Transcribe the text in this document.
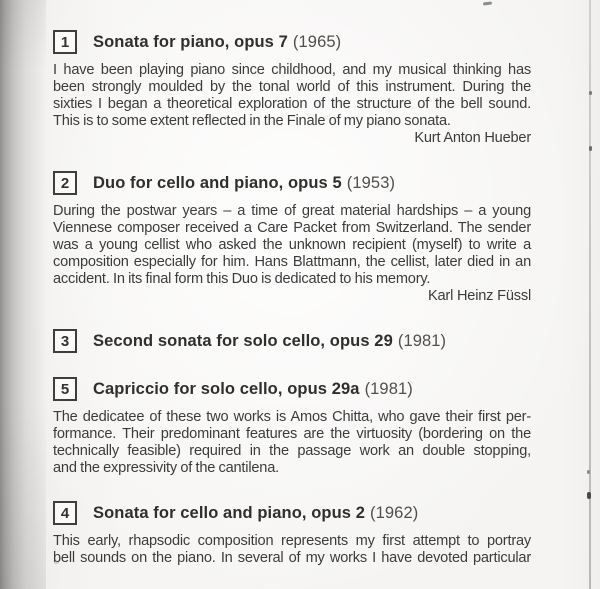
1 Sonata for piano, opus 7 (1965)
I have been playing piano since childhood, and my musical thinking has
been strongly moulded by the tonal world of this instrument. During the
sixties I began a theoretical exploration of the structure of the bell sound.
This is to some extent reflected in the Finale of my piano sonata.
Kurt Anton Hueber
2 Duo for cello and piano, opus 5 (1953)
During the postwar years – a time of great material hardships – a young
Viennese composer received a Care Packet from Switzerland. The sender
was a young cellist who asked the unknown recipient (myself) to write a
composition especially for him. Hans Blattmann, the cellist, later died in an
accident. In its final form this Duo is dedicated to his memory.
Karl Heinz Füssl
3 Second sonata for solo cello, opus 29 (1981)
5 Capriccio for solo cello, opus 29a (1981)
The dedicatee of these two works is Amos Chitta, who gave their first per-
formance. Their predominant features are the virtuosity (bordering on the
technically feasible) required in the passage work an double stopping,
and the expressivity of the cantilena.
4 Sonata for cello and piano, opus 2 (1962)
This early, rhapsodic composition represents my first attempt to portray
bell sounds on the piano. In several of my works I have devoted particular
